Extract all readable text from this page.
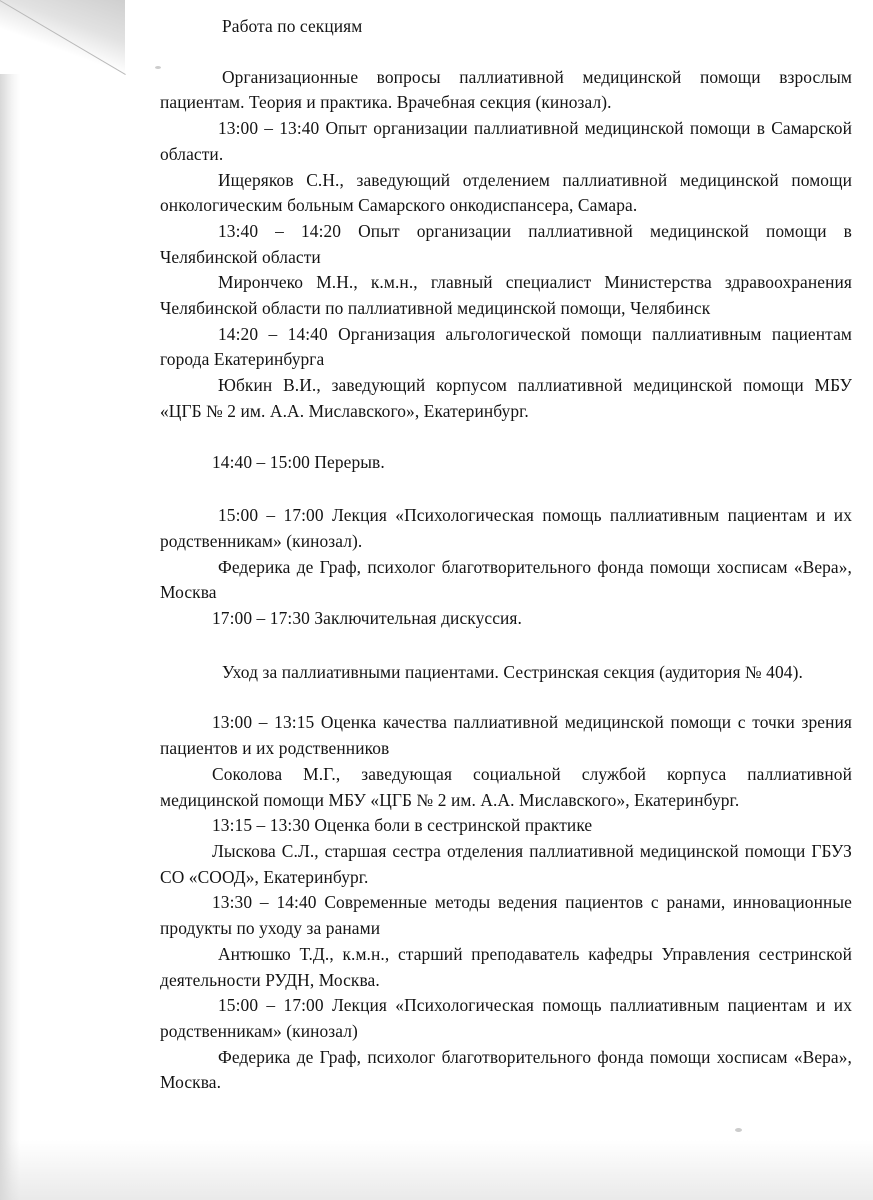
Работа по секциям

Организационные вопросы паллиативной медицинской помощи взрослым пациентам. Теория и практика. Врачебная секция (кинозал).

13:00 – 13:40 Опыт организации паллиативной медицинской помощи в Самарской области.

Ищеряков С.Н., заведующий отделением паллиативной медицинской помощи онкологическим больным Самарского онкодиспансера, Самара.

13:40 – 14:20 Опыт организации паллиативной медицинской помощи в Челябинской области

Мирончеко М.Н., к.м.н., главный специалист Министерства здравоохранения Челябинской области по паллиативной медицинской помощи, Челябинск

14:20 – 14:40 Организация альгологической помощи паллиативным пациентам города Екатеринбурга

Юбкин В.И., заведующий корпусом паллиативной медицинской помощи МБУ «ЦГБ № 2 им. А.А. Миславского», Екатеринбург.

14:40 – 15:00 Перерыв.

15:00 – 17:00 Лекция «Психологическая помощь паллиативным пациентам и их родственникам» (кинозал).

Федерика де Граф, психолог благотворительного фонда помощи хосписам «Вера», Москва

17:00 – 17:30 Заключительная дискуссия.

Уход за паллиативными пациентами. Сестринская секция (аудитория № 404).

13:00 – 13:15 Оценка качества паллиативной медицинской помощи с точки зрения пациентов и их родственников

Соколова М.Г., заведующая социальной службой корпуса паллиативной медицинской помощи МБУ «ЦГБ № 2 им. А.А. Миславского», Екатеринбург.

13:15 – 13:30 Оценка боли в сестринской практике

Лыскова С.Л., старшая сестра отделения паллиативной медицинской помощи ГБУЗ СО «СООД», Екатеринбург.

13:30 – 14:40 Современные методы ведения пациентов с ранами, инновационные продукты по уходу за ранами

Антюшко Т.Д., к.м.н., старший преподаватель кафедры Управления сестринской деятельности РУДН, Москва.

15:00 – 17:00 Лекция «Психологическая помощь паллиативным пациентам и их родственникам» (кинозал)

Федерика де Граф, психолог благотворительного фонда помощи хосписам «Вера», Москва.
